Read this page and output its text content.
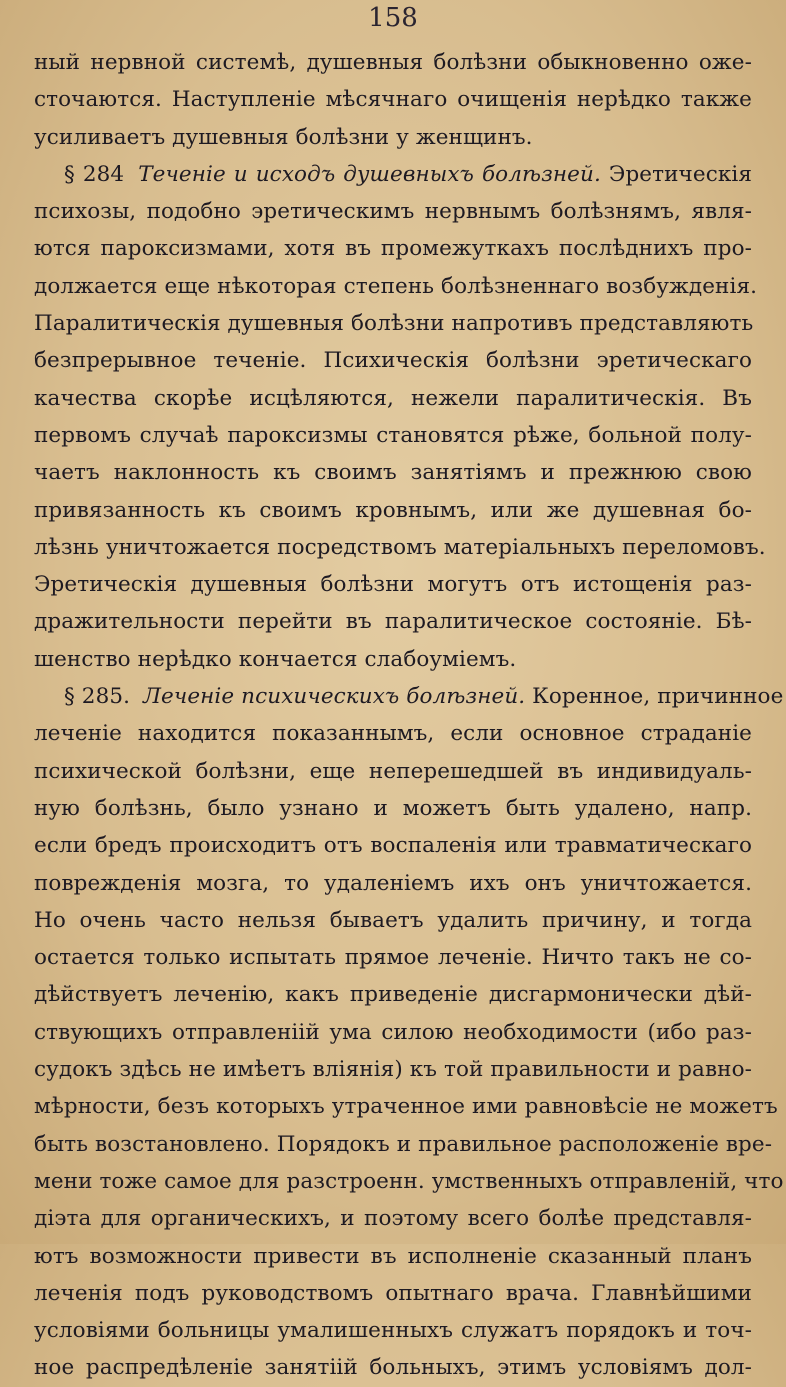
158
ный нервной системѣ, душевныя болѣзни обыкновенно оже-
сточаются. Наступленіе мѣсячнаго очищенія нерѣдко также
усиливаетъ душевныя болѣзни у женщинъ.
§ 284 Теченіе и исходъ душевныхъ болѣзней. Эретическія
психозы, подобно эретическимъ нервнымъ болѣзнямъ, явля-
ются пароксизмами, хотя въ промежуткахъ послѣднихъ про-
должается еще нѣкоторая степень болѣзненнаго возбужденія.
Паралитическія душевныя болѣзни напротивъ представляють
безпрерывное теченіе. Психическія болѣзни эретическаго
качества скорѣе исцѣляются, нежели паралитическія. Въ
первомъ случаѣ пароксизмы становятся рѣже, больной полу-
чаетъ наклонность къ своимъ занятіямъ и прежнюю свою
привязанность къ своимъ кровнымъ, или же душевная бо-
лѣзнь уничтожается посредствомъ матеріальныхъ переломовъ.
Эретическія душевныя болѣзни могутъ отъ истощенія раз-
дражительности перейти въ паралитическое состояніе. Бѣ-
шенство нерѣдко кончается слабоуміемъ.
§ 285. Леченіе психическихъ болѣзней. Коренное, причинное
леченіе находится показаннымъ, если основное страданіе
психической болѣзни, еще неперешедшей въ индивидуаль-
ную болѣзнь, было узнано и можетъ быть удалено, напр.
если бредъ происходитъ отъ воспаленія или травматическаго
поврежденія мозга, то удаленіемъ ихъ онъ уничтожается.
Но очень часто нельзя бываетъ удалить причину, и тогда
остается только испытать прямое леченіе. Ничто такъ не со-
дѣйствуетъ леченію, какъ приведеніе дисгармонически дѣй-
ствующихъ отправленіій ума силою необходимости (ибо раз-
судокъ здѣсь не имѣетъ вліянія) къ той правильности и равно-
мѣрности, безъ которыхъ утраченное ими равновѣсіе не можетъ
быть возстановлено. Порядокъ и правильное расположеніе вре-
мени тоже самое для разстроенн. умственныхъ отправленій, что
діэта для органическихъ, и поэтому всего болѣе представля-
ютъ возможности привести въ исполненіе сказанный планъ
леченія подъ руководствомъ опытнаго врача. Главнѣйшими
условіями больницы умалишенныхъ служатъ порядокъ и точ-
ное распредѣленіе занятіій больныхъ, этимъ условіямъ дол-
